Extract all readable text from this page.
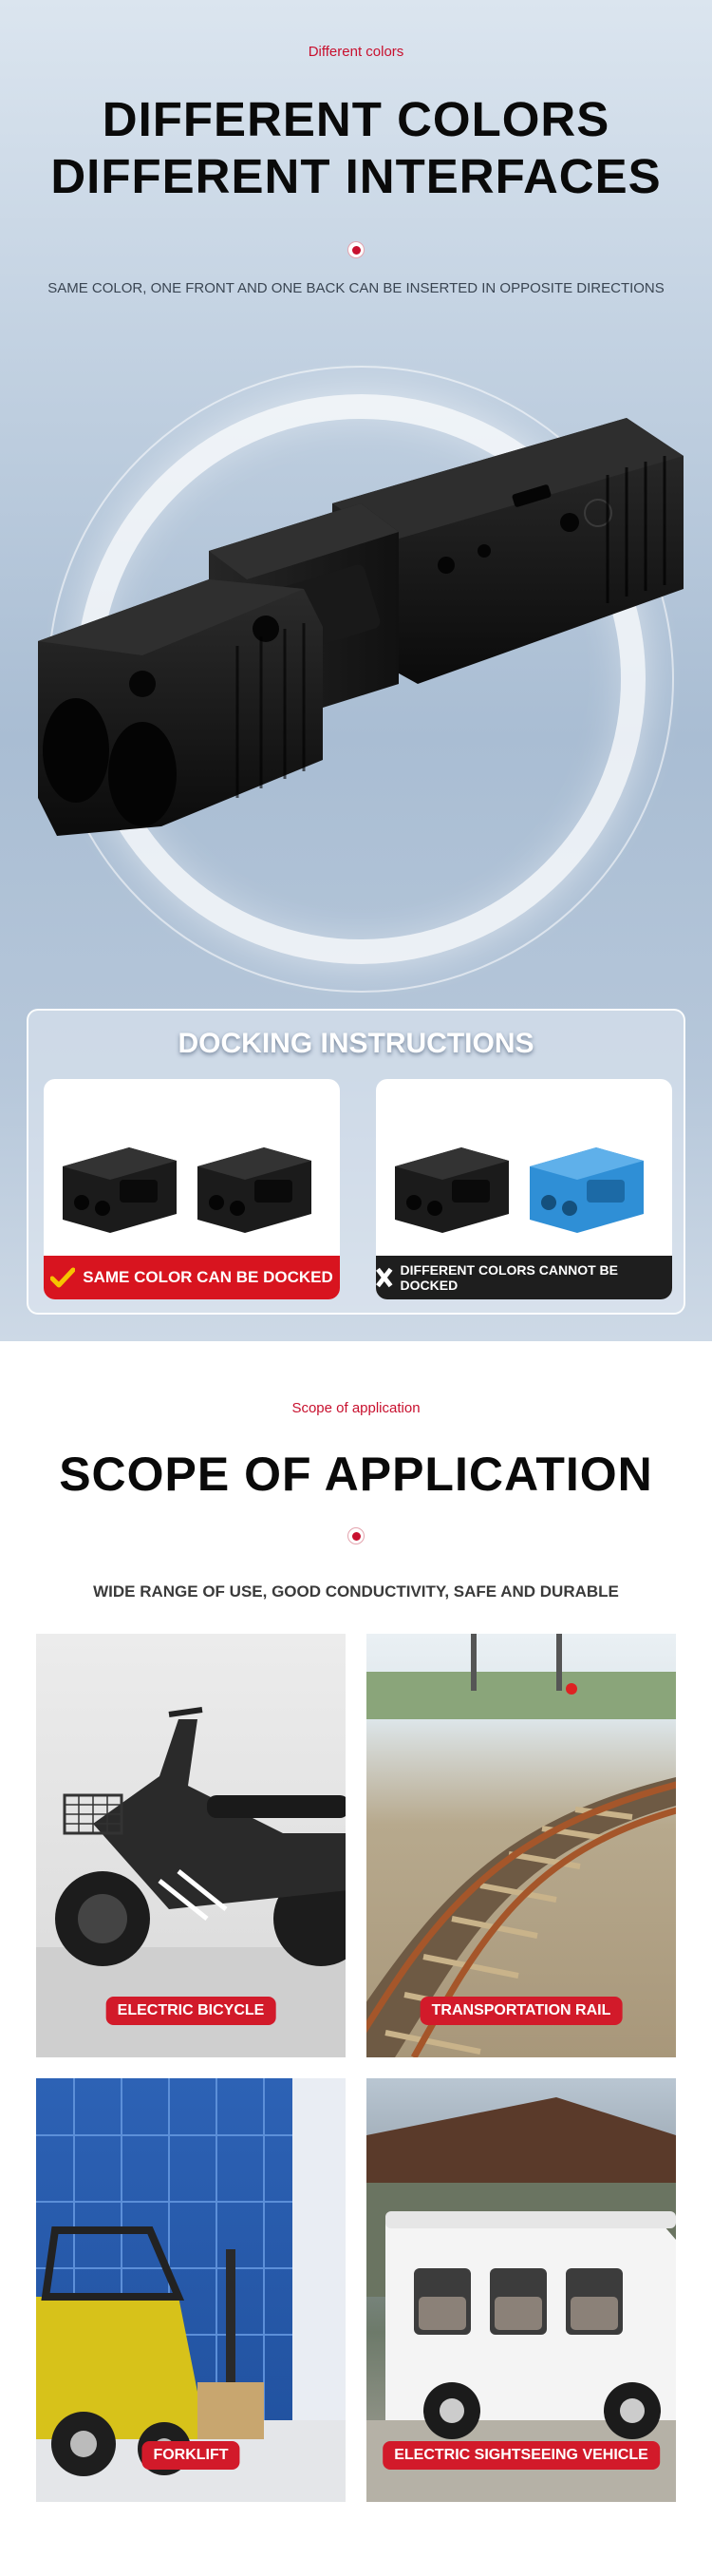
Different colors
DIFFERENT COLORS
DIFFERENT INTERFACES
SAME COLOR, ONE FRONT AND ONE BACK CAN BE INSERTED IN OPPOSITE DIRECTIONS
DOCKING INSTRUCTIONS
SAME COLOR CAN BE DOCKED	DIFFERENT COLORS CANNOT BE DOCKED
Scope of application
SCOPE OF APPLICATION
WIDE RANGE OF USE, GOOD CONDUCTIVITY, SAFE AND DURABLE
ELECTRIC BICYCLE	TRANSPORTATION RAIL
FORKLIFT	ELECTRIC SIGHTSEEING VEHICLE
